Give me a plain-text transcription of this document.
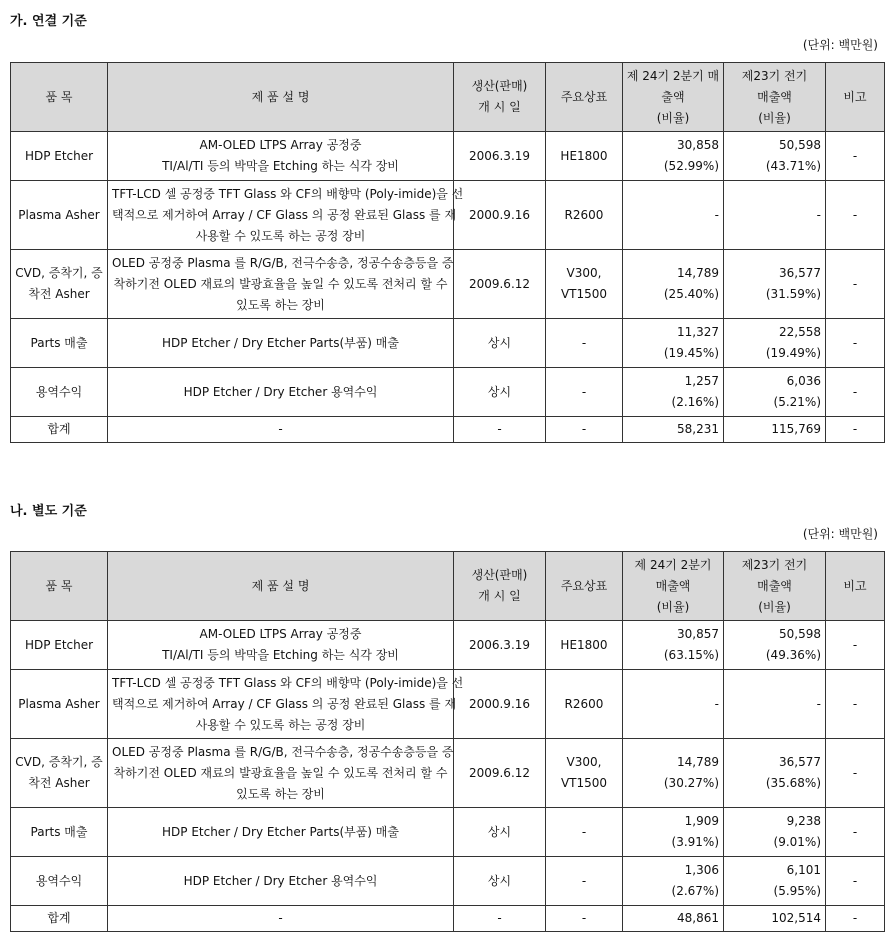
가. 연결 기준
(단위: 백만원)
품 목	제 품 설 명	생산(판매)
개 시 일	주요상표	제 24기 2분기 매
출액
(비율)	제23기 전기
매출액
(비율)	비고

HDP Etcher	AM-OLED LTPS Array 공정중
TI/Al/TI 등의 박막을 Etching 하는 식각 장비	2006.3.19	HE1800	30,858
(52.99%)	50,598
(43.71%)	-

Plasma Asher	TFT-LCD 셀 공정중 TFT Glass 와 CF의 배향막 (Poly-imide)을 선
택적으로 제거하여 Array / CF Glass 의 공정 완료된 Glass 를 재
사용할 수 있도록 하는 공정 장비	2000.9.16	R2600	-	-	-

CVD, 증착기, 증
착전 Asher	OLED 공정중 Plasma 를 R/G/B, 전극수송층, 정공수송층등을 증
착하기전 OLED 재료의 발광효율을 높일 수 있도록 전처리 할 수
있도록 하는 장비	2009.6.12	V300,
VT1500	14,789
(25.40%)	36,577
(31.59%)	-

Parts 매출	HDP Etcher / Dry Etcher Parts(부품) 매출	상시	-	11,327
(19.45%)	22,558
(19.49%)	-

용역수익	HDP Etcher / Dry Etcher 용역수익	상시	-	1,257
(2.16%)	6,036
(5.21%)	-

합계	-	-	-	58,231	115,769	-
나. 별도 기준
(단위: 백만원)
품 목	제 품 설 명	생산(판매)
개 시 일	주요상표	제 24기 2분기
매출액
(비율)	제23기 전기
매출액
(비율)	비고

HDP Etcher	AM-OLED LTPS Array 공정중
TI/Al/TI 등의 박막을 Etching 하는 식각 장비	2006.3.19	HE1800	30,857
(63.15%)	50,598
(49.36%)	-

Plasma Asher	TFT-LCD 셀 공정중 TFT Glass 와 CF의 배향막 (Poly-imide)을 선
택적으로 제거하여 Array / CF Glass 의 공정 완료된 Glass 를 재
사용할 수 있도록 하는 공정 장비	2000.9.16	R2600	-	-	-

CVD, 증착기, 증
착전 Asher	OLED 공정중 Plasma 를 R/G/B, 전극수송층, 정공수송층등을 증
착하기전 OLED 재료의 발광효율을 높일 수 있도록 전처리 할 수
있도록 하는 장비	2009.6.12	V300,
VT1500	14,789
(30.27%)	36,577
(35.68%)	-

Parts 매출	HDP Etcher / Dry Etcher Parts(부품) 매출	상시	-	1,909
(3.91%)	9,238
(9.01%)	-

용역수익	HDP Etcher / Dry Etcher 용역수익	상시	-	1,306
(2.67%)	6,101
(5.95%)	-

합계	-	-	-	48,861	102,514	-
